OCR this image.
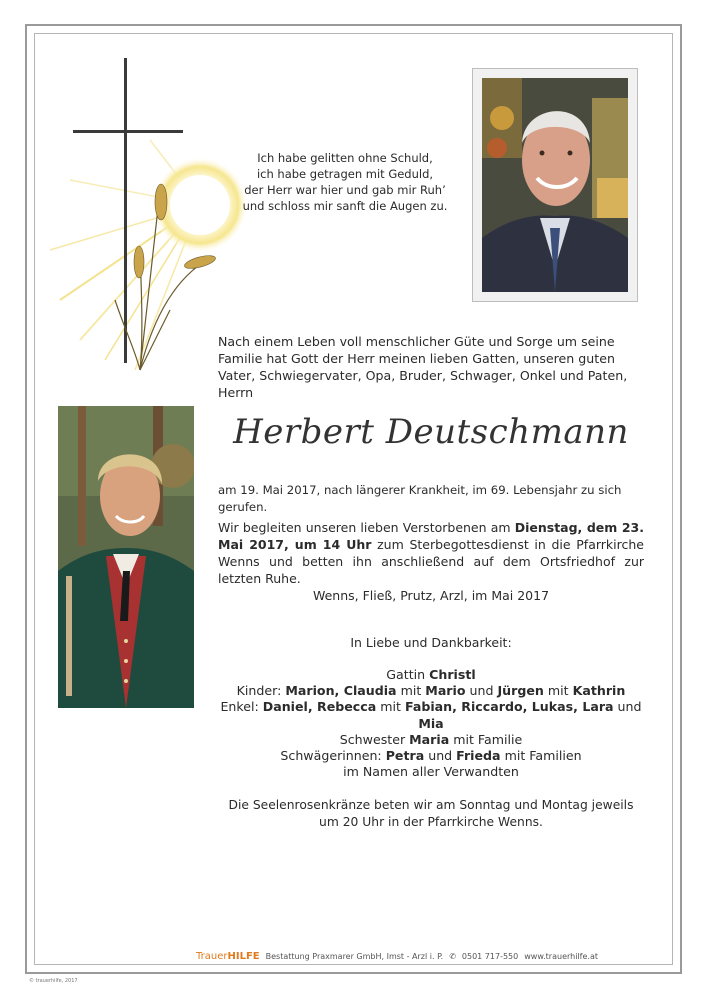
Ich habe gelitten ohne Schuld,
ich habe getragen mit Geduld,
der Herr war hier und gab mir Ruh’
und schloss mir sanft die Augen zu.
Nach einem Leben voll menschlicher Güte und Sorge um seine Familie hat Gott der Herr meinen lieben Gatten, unseren guten Vater, Schwiegervater, Opa, Bruder, Schwager, Onkel und Paten, Herrn
Herbert Deutschmann
am 19. Mai 2017, nach längerer Krankheit, im 69. Lebensjahr zu sich gerufen.
Wir begleiten unseren lieben Verstorbenen am Dienstag, dem 23. Mai 2017, um 14 Uhr zum Sterbegottesdienst in die Pfarrkirche Wenns und betten ihn anschließend auf dem Ortsfriedhof zur letzten Ruhe.
Wenns, Fließ, Prutz, Arzl, im Mai 2017
In Liebe und Dankbarkeit:
Gattin Christl
Kinder: Marion, Claudia mit Mario und Jürgen mit Kathrin
Enkel: Daniel, Rebecca mit Fabian, Riccardo, Lukas, Lara und Mia
Schwester Maria mit Familie
Schwägerinnen: Petra und Frieda mit Familien
im Namen aller Verwandten
Die Seelenrosenkränze beten wir am Sonntag und Montag jeweils
um 20 Uhr in der Pfarrkirche Wenns.
TrauerHILFE Bestattung Praxmarer GmbH, Imst - Arzl i. P. ✆ 0501 717-550 www.trauerhilfe.at
© trauerhilfe, 2017
